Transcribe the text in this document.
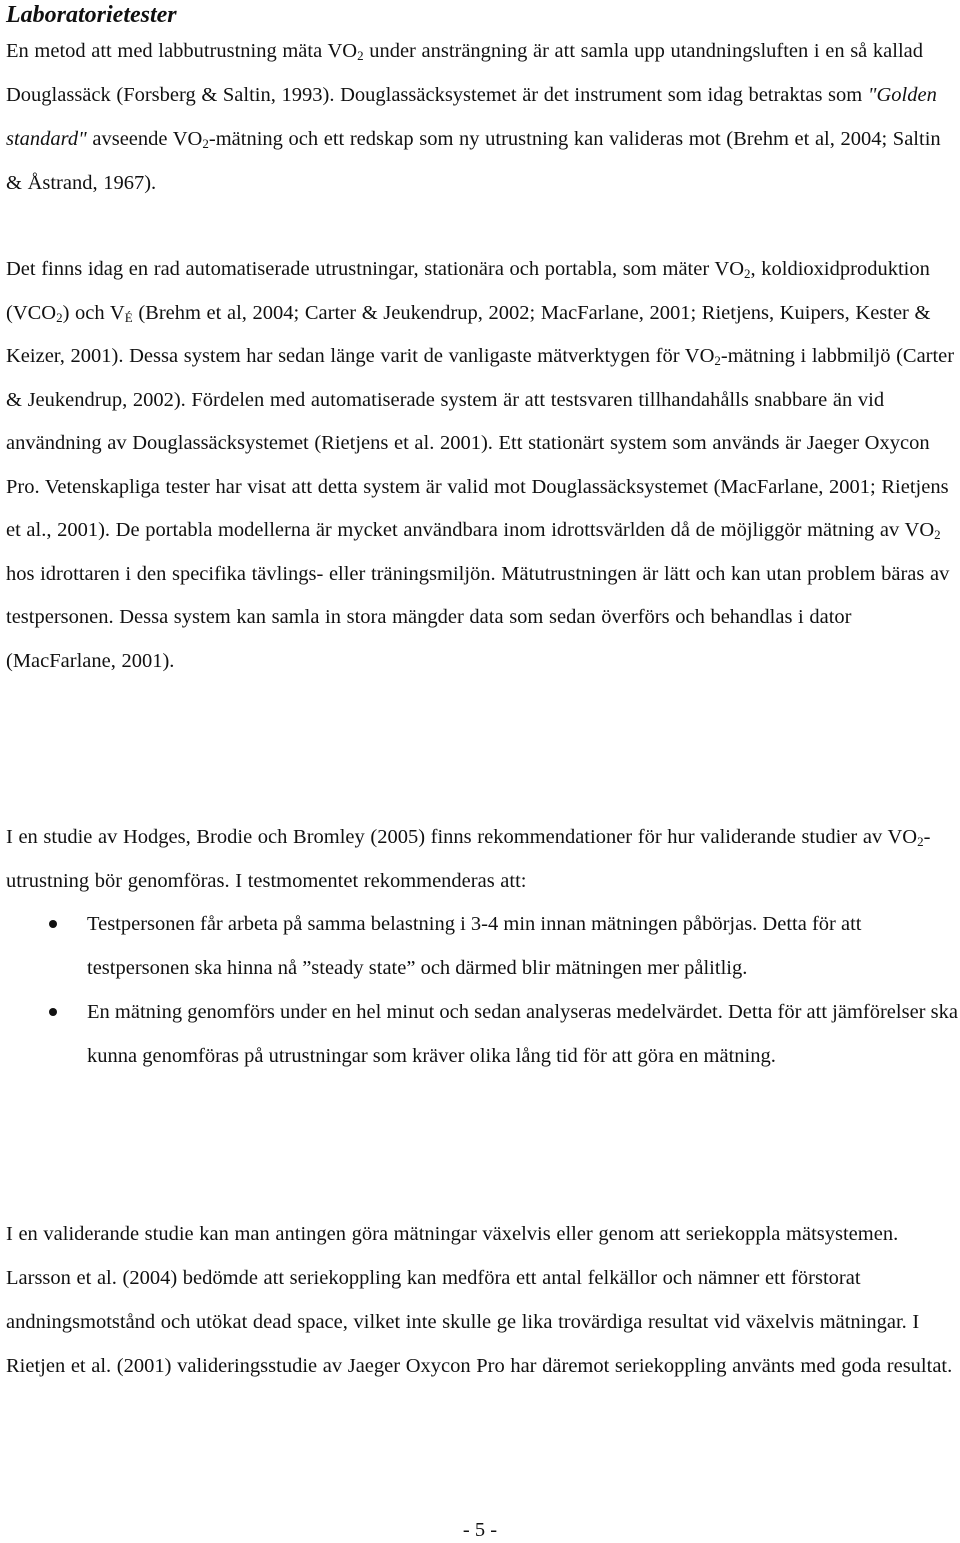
Laboratorietester

En metod att med labbutrustning mäta $VO_2$ under ansträngning är att samla upp utandningsluften i en så kallad Douglassäck (Forsberg & Saltin, 1993). Douglassäcksystemet är det instrument som idag betraktas som "Golden standard" avseende $VO_2$-mätning och ett redskap som ny utrustning kan valideras mot (Brehm et al, 2004; Saltin & Åstrand, 1967).

Det finns idag en rad automatiserade utrustningar, stationära och portabla, som mäter $VO_2$, koldioxidproduktion $(VCO_2)$ och $V_É$ (Brehm et al, 2004; Carter & Jeukendrup, 2002; MacFarlane, 2001; Rietjens, Kuipers, Kester & Keizer, 2001). Dessa system har sedan länge varit de vanligaste mätverktygen för $VO_2$-mätning i labbmiljö (Carter & Jeukendrup, 2002). Fördelen med automatiserade system är att testsvaren tillhandahålls snabbare än vid användning av Douglassäcksystemet (Rietjens et al. 2001). Ett stationärt system som används är Jaeger Oxycon Pro. Vetenskapliga tester har visat att detta system är valid mot Douglassäcksystemet (MacFarlane, 2001; Rietjens et al., 2001). De portabla modellerna är mycket användbara inom idrottsvärlden då de möjliggör mätning av $VO_2$ hos idrottaren i den specifika tävlings- eller träningsmiljön. Mätutrustningen är lätt och kan utan problem bäras av testpersonen. Dessa system kan samla in stora mängder data som sedan överförs och behandlas i dator (MacFarlane, 2001).

I en studie av Hodges, Brodie och Bromley (2005) finns rekommendationer för hur validerande studier av $VO_2$-utrustning bör genomföras. I testmomentet rekommenderas att:

Testpersonen får arbeta på samma belastning i 3-4 min innan mätningen påbörjas. Detta för att testpersonen ska hinna nå ”steady state” och därmed blir mätningen mer pålitlig.
En mätning genomförs under en hel minut och sedan analyseras medelvärdet. Detta för att jämförelser ska kunna genomföras på utrustningar som kräver olika lång tid för att göra en mätning.

I en validerande studie kan man antingen göra mätningar växelvis eller genom att seriekoppla mätsystemen. Larsson et al. (2004) bedömde att seriekoppling kan medföra ett antal felkällor och nämner ett förstorat andningsmotstånd och utökat dead space, vilket inte skulle ge lika trovärdiga resultat vid växelvis mätningar. I Rietjen et al. (2001) valideringsstudie av Jaeger Oxycon Pro har däremot seriekoppling använts med goda resultat.

- 5 -
